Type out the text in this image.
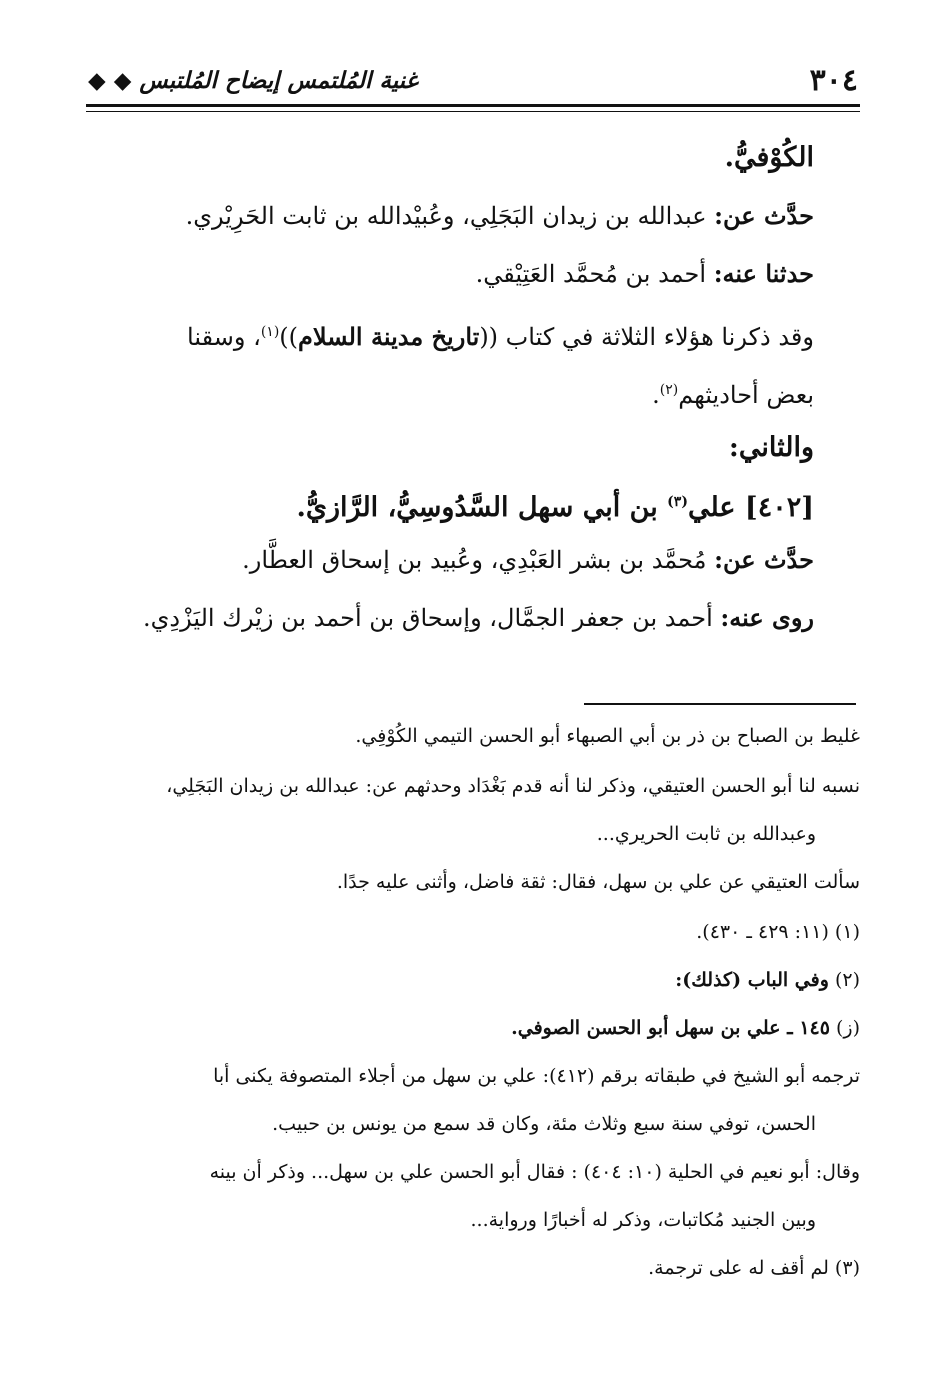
٣٠٤
غنية المُلتمس إيضاح المُلتبس ◆ ◆
الكُوْفيُّ.
حدَّث عن: عبدالله بن زيدان البَجَلِي، وعُبيْدالله بن ثابت الحَرِيْري.
حدثنا عنه: أحمد بن مُحمَّد العَتِيْقي.
وقد ذكرنا هؤلاء الثلاثة في كتاب ((تاريخ مدينة السلام))$^{(١)}$، وسقنا
بعض أحاديثهم$^{(٢)}$.
والثاني:
[٤٠٢] علي$^{(٣)}$ بن أبي سهل السَّدُوسِيُّ، الرَّازيُّ.
حدَّث عن: مُحمَّد بن بشر العَبْدِي، وعُبيد بن إسحاق العطَّار.
روى عنه: أحمد بن جعفر الجمَّال، وإسحاق بن أحمد بن زيْرك اليَزْدِي.
غليط بن الصباح بن ذر بن أبي الصبهاء أبو الحسن التيمي الكُوْفِي.
نسبه لنا أبو الحسن العتيقي، وذكر لنا أنه قدم بَغْدَاد وحدثهم عن: عبدالله بن زيدان البَجَلِي،
وعبدالله بن ثابت الحريري...
سألت العتيقي عن علي بن سهل، فقال: ثقة فاضل، وأثنى عليه جدًا.
(١) (١١: ٤٢٩ ـ ٤٣٠).
(٢) وفي الباب (كذلك):
(ز) ١٤٥ ـ علي بن سهل أبو الحسن الصوفي.
ترجمه أبو الشيخ في طبقاته برقم (٤١٢): علي بن سهل من أجلاء المتصوفة يكنى أبا
الحسن، توفي سنة سبع وثلاث مئة، وكان قد سمع من يونس بن حبيب.
وقال: أبو نعيم في الحلية (١٠: ٤٠٤) : فقال أبو الحسن علي بن سهل... وذكر أن بينه
وبين الجنيد مُكاتبات، وذكر له أخبارًا ورواية...
(٣) لم أقف له على ترجمة.
